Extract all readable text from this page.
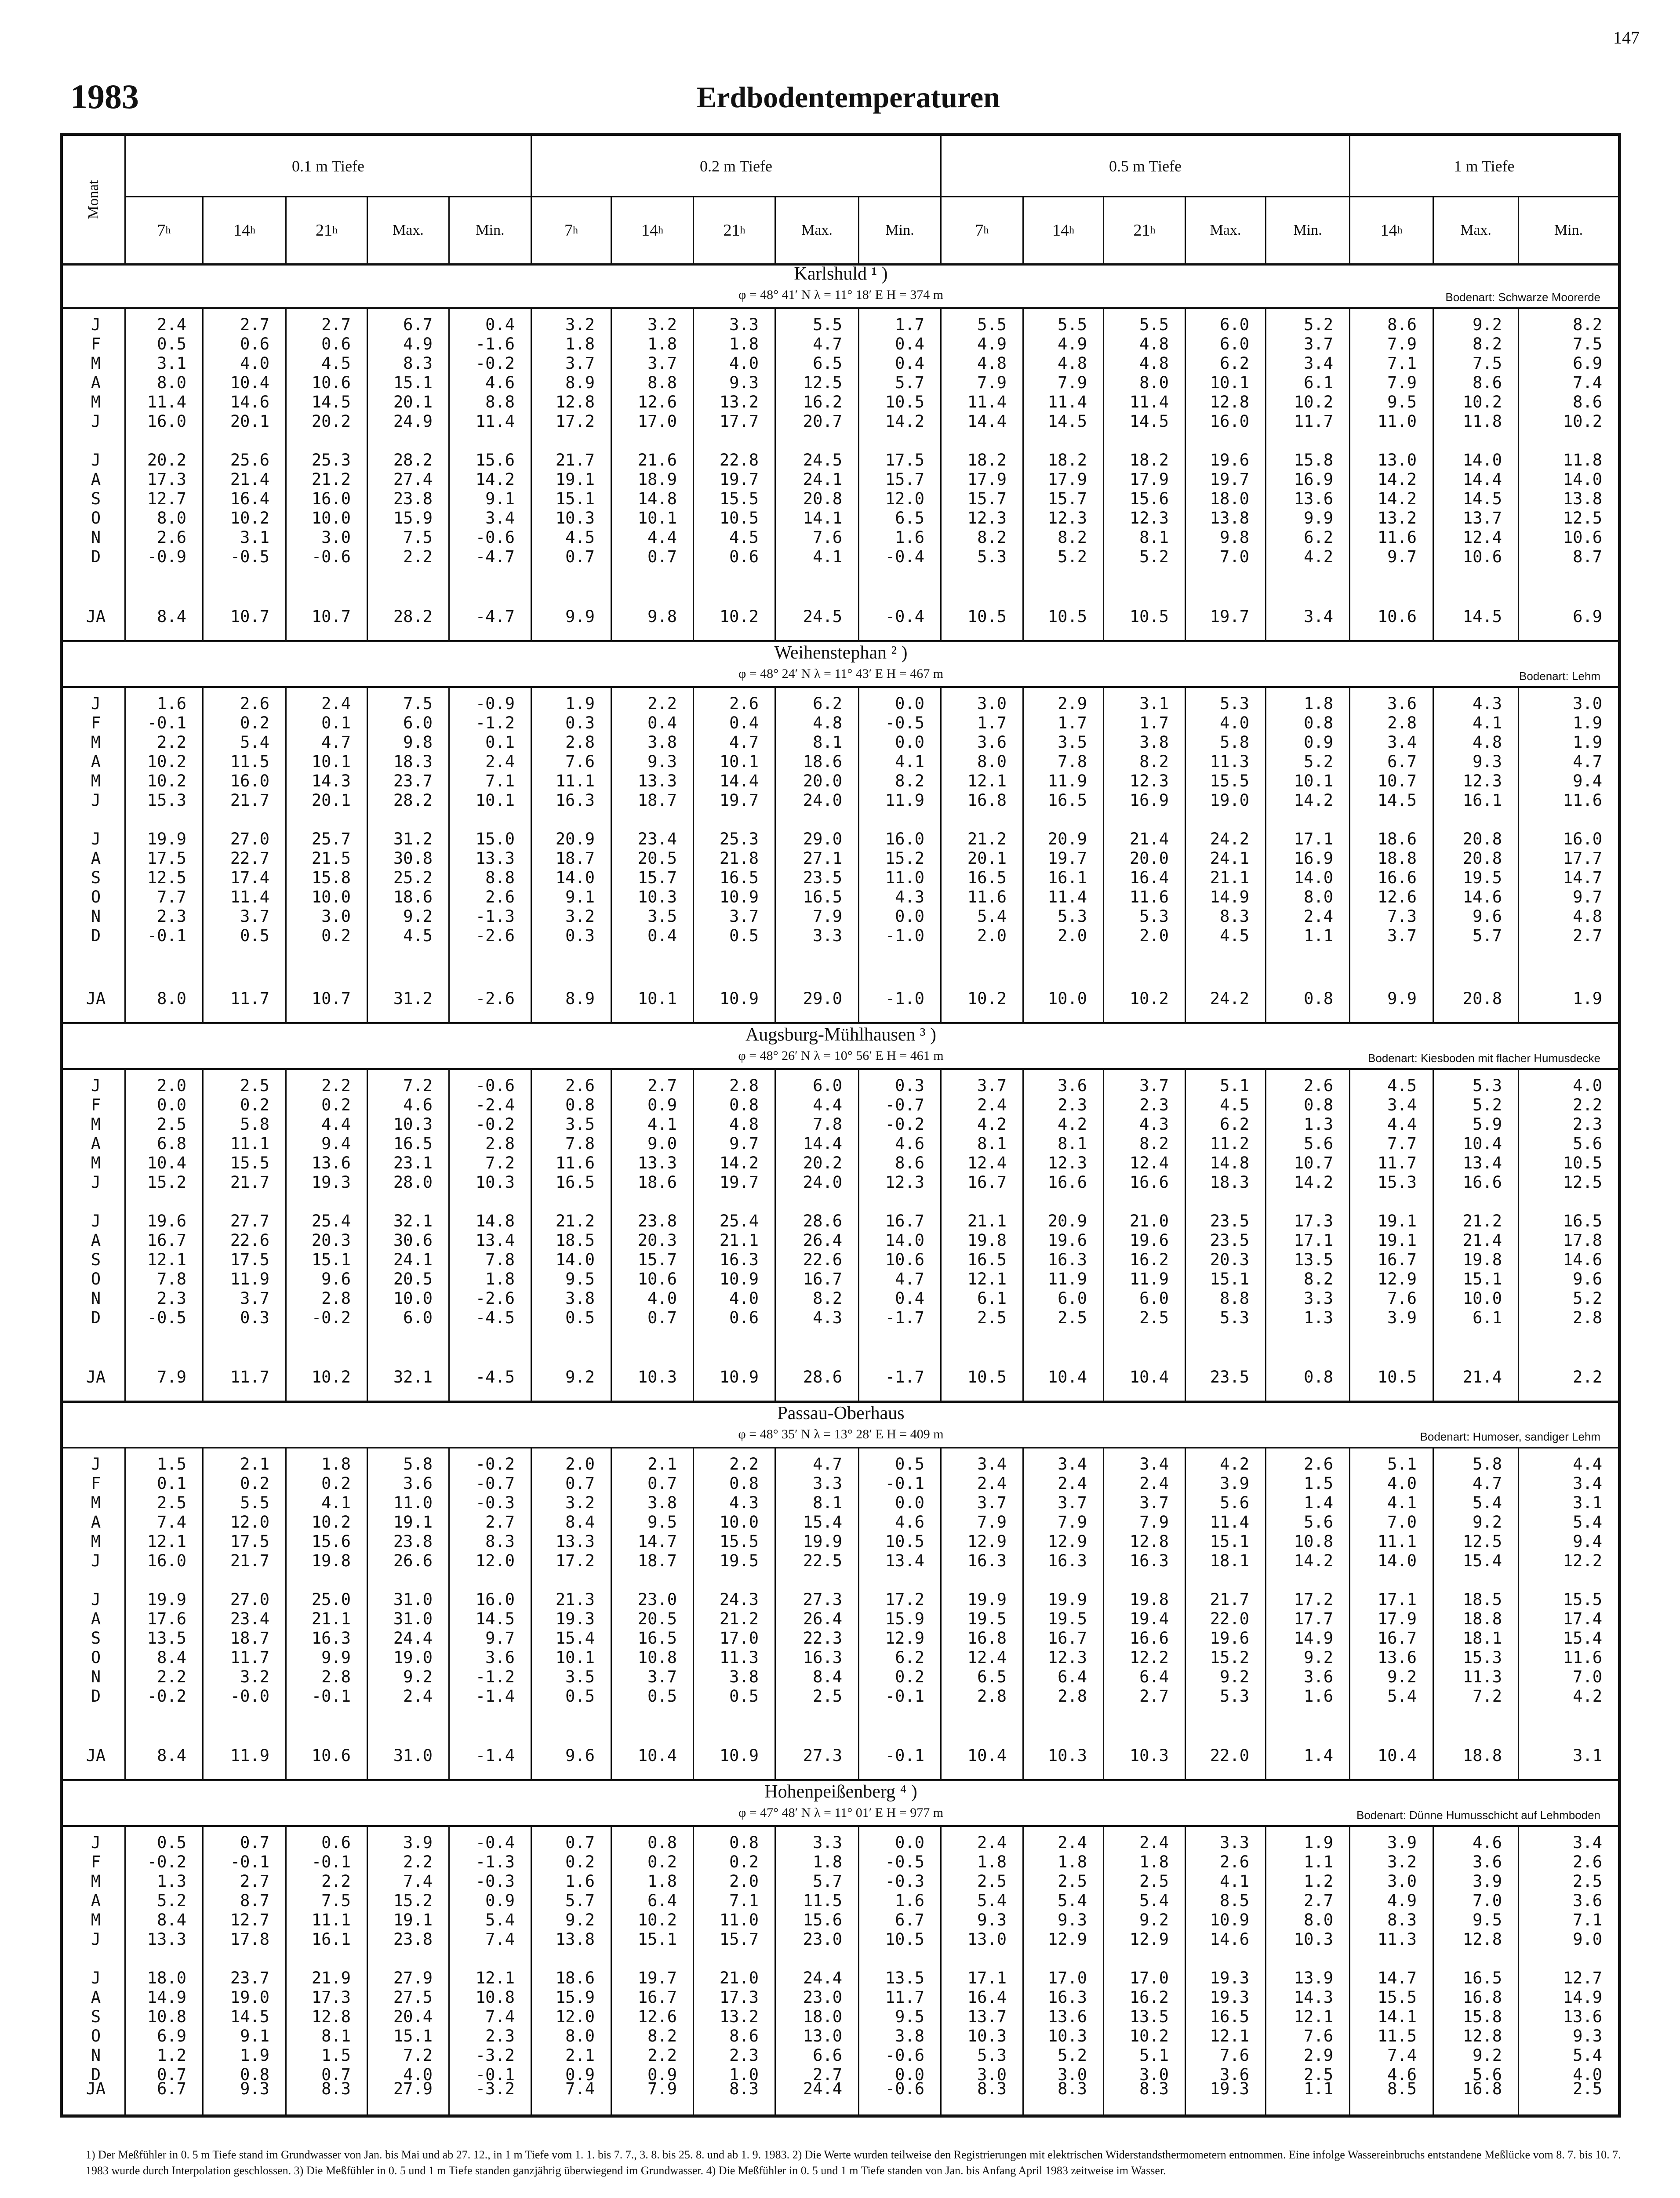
147
1983	Erdbodentemperaturen
Monat
0.1 m Tiefe	0.2 m Tiefe	0.5 m Tiefe	1 m Tiefe
7 h	14 h	21 h	Max.	Min.	7 h	14 h	21 h	Max.	Min.	7 h	14 h	21 h	Max.	Min.	14 h	Max.	Min.
Karlshuld ¹ )
φ = 48° 41′ N λ = 11° 18′ E H = 374 m	Bodenart: Schwarze Moorerde
J	2.4	2.7	2.7	6.7	0.4	3.2	3.2	3.3	5.5	1.7	5.5	5.5	5.5	6.0	5.2	8.6	9.2	8.2
F	0.5	0.6	0.6	4.9	-1.6	1.8	1.8	1.8	4.7	0.4	4.9	4.9	4.8	6.0	3.7	7.9	8.2	7.5
M	3.1	4.0	4.5	8.3	-0.2	3.7	3.7	4.0	6.5	0.4	4.8	4.8	4.8	6.2	3.4	7.1	7.5	6.9
A	8.0	10.4	10.6	15.1	4.6	8.9	8.8	9.3	12.5	5.7	7.9	7.9	8.0	10.1	6.1	7.9	8.6	7.4
M	11.4	14.6	14.5	20.1	8.8	12.8	12.6	13.2	16.2	10.5	11.4	11.4	11.4	12.8	10.2	9.5	10.2	8.6
J	16.0	20.1	20.2	24.9	11.4	17.2	17.0	17.7	20.7	14.2	14.4	14.5	14.5	16.0	11.7	11.0	11.8	10.2
J	20.2	25.6	25.3	28.2	15.6	21.7	21.6	22.8	24.5	17.5	18.2	18.2	18.2	19.6	15.8	13.0	14.0	11.8
A	17.3	21.4	21.2	27.4	14.2	19.1	18.9	19.7	24.1	15.7	17.9	17.9	17.9	19.7	16.9	14.2	14.4	14.0
S	12.7	16.4	16.0	23.8	9.1	15.1	14.8	15.5	20.8	12.0	15.7	15.7	15.6	18.0	13.6	14.2	14.5	13.8
O	8.0	10.2	10.0	15.9	3.4	10.3	10.1	10.5	14.1	6.5	12.3	12.3	12.3	13.8	9.9	13.2	13.7	12.5
N	2.6	3.1	3.0	7.5	-0.6	4.5	4.4	4.5	7.6	1.6	8.2	8.2	8.1	9.8	6.2	11.6	12.4	10.6
D	-0.9	-0.5	-0.6	2.2	-4.7	0.7	0.7	0.6	4.1	-0.4	5.3	5.2	5.2	7.0	4.2	9.7	10.6	8.7
JA	8.4	10.7	10.7	28.2	-4.7	9.9	9.8	10.2	24.5	-0.4	10.5	10.5	10.5	19.7	3.4	10.6	14.5	6.9
Weihenstephan ² )
φ = 48° 24′ N λ = 11° 43′ E H = 467 m	Bodenart: Lehm
J	1.6	2.6	2.4	7.5	-0.9	1.9	2.2	2.6	6.2	0.0	3.0	2.9	3.1	5.3	1.8	3.6	4.3	3.0
F	-0.1	0.2	0.1	6.0	-1.2	0.3	0.4	0.4	4.8	-0.5	1.7	1.7	1.7	4.0	0.8	2.8	4.1	1.9
M	2.2	5.4	4.7	9.8	0.1	2.8	3.8	4.7	8.1	0.0	3.6	3.5	3.8	5.8	0.9	3.4	4.8	1.9
A	10.2	11.5	10.1	18.3	2.4	7.6	9.3	10.1	18.6	4.1	8.0	7.8	8.2	11.3	5.2	6.7	9.3	4.7
M	10.2	16.0	14.3	23.7	7.1	11.1	13.3	14.4	20.0	8.2	12.1	11.9	12.3	15.5	10.1	10.7	12.3	9.4
J	15.3	21.7	20.1	28.2	10.1	16.3	18.7	19.7	24.0	11.9	16.8	16.5	16.9	19.0	14.2	14.5	16.1	11.6
J	19.9	27.0	25.7	31.2	15.0	20.9	23.4	25.3	29.0	16.0	21.2	20.9	21.4	24.2	17.1	18.6	20.8	16.0
A	17.5	22.7	21.5	30.8	13.3	18.7	20.5	21.8	27.1	15.2	20.1	19.7	20.0	24.1	16.9	18.8	20.8	17.7
S	12.5	17.4	15.8	25.2	8.8	14.0	15.7	16.5	23.5	11.0	16.5	16.1	16.4	21.1	14.0	16.6	19.5	14.7
O	7.7	11.4	10.0	18.6	2.6	9.1	10.3	10.9	16.5	4.3	11.6	11.4	11.6	14.9	8.0	12.6	14.6	9.7
N	2.3	3.7	3.0	9.2	-1.3	3.2	3.5	3.7	7.9	0.0	5.4	5.3	5.3	8.3	2.4	7.3	9.6	4.8
D	-0.1	0.5	0.2	4.5	-2.6	0.3	0.4	0.5	3.3	-1.0	2.0	2.0	2.0	4.5	1.1	3.7	5.7	2.7
JA	8.0	11.7	10.7	31.2	-2.6	8.9	10.1	10.9	29.0	-1.0	10.2	10.0	10.2	24.2	0.8	9.9	20.8	1.9
Augsburg-Mühlhausen ³ )
φ = 48° 26′ N λ = 10° 56′ E H = 461 m	Bodenart: Kiesboden mit flacher Humusdecke
J	2.0	2.5	2.2	7.2	-0.6	2.6	2.7	2.8	6.0	0.3	3.7	3.6	3.7	5.1	2.6	4.5	5.3	4.0
F	0.0	0.2	0.2	4.6	-2.4	0.8	0.9	0.8	4.4	-0.7	2.4	2.3	2.3	4.5	0.8	3.4	5.2	2.2
M	2.5	5.8	4.4	10.3	-0.2	3.5	4.1	4.8	7.8	-0.2	4.2	4.2	4.3	6.2	1.3	4.4	5.9	2.3
A	6.8	11.1	9.4	16.5	2.8	7.8	9.0	9.7	14.4	4.6	8.1	8.1	8.2	11.2	5.6	7.7	10.4	5.6
M	10.4	15.5	13.6	23.1	7.2	11.6	13.3	14.2	20.2	8.6	12.4	12.3	12.4	14.8	10.7	11.7	13.4	10.5
J	15.2	21.7	19.3	28.0	10.3	16.5	18.6	19.7	24.0	12.3	16.7	16.6	16.6	18.3	14.2	15.3	16.6	12.5
J	19.6	27.7	25.4	32.1	14.8	21.2	23.8	25.4	28.6	16.7	21.1	20.9	21.0	23.5	17.3	19.1	21.2	16.5
A	16.7	22.6	20.3	30.6	13.4	18.5	20.3	21.1	26.4	14.0	19.8	19.6	19.6	23.5	17.1	19.1	21.4	17.8
S	12.1	17.5	15.1	24.1	7.8	14.0	15.7	16.3	22.6	10.6	16.5	16.3	16.2	20.3	13.5	16.7	19.8	14.6
O	7.8	11.9	9.6	20.5	1.8	9.5	10.6	10.9	16.7	4.7	12.1	11.9	11.9	15.1	8.2	12.9	15.1	9.6
N	2.3	3.7	2.8	10.0	-2.6	3.8	4.0	4.0	8.2	0.4	6.1	6.0	6.0	8.8	3.3	7.6	10.0	5.2
D	-0.5	0.3	-0.2	6.0	-4.5	0.5	0.7	0.6	4.3	-1.7	2.5	2.5	2.5	5.3	1.3	3.9	6.1	2.8
JA	7.9	11.7	10.2	32.1	-4.5	9.2	10.3	10.9	28.6	-1.7	10.5	10.4	10.4	23.5	0.8	10.5	21.4	2.2
Passau-Oberhaus
φ = 48° 35′ N λ = 13° 28′ E H = 409 m	Bodenart: Humoser, sandiger Lehm
J	1.5	2.1	1.8	5.8	-0.2	2.0	2.1	2.2	4.7	0.5	3.4	3.4	3.4	4.2	2.6	5.1	5.8	4.4
F	0.1	0.2	0.2	3.6	-0.7	0.7	0.7	0.8	3.3	-0.1	2.4	2.4	2.4	3.9	1.5	4.0	4.7	3.4
M	2.5	5.5	4.1	11.0	-0.3	3.2	3.8	4.3	8.1	0.0	3.7	3.7	3.7	5.6	1.4	4.1	5.4	3.1
A	7.4	12.0	10.2	19.1	2.7	8.4	9.5	10.0	15.4	4.6	7.9	7.9	7.9	11.4	5.6	7.0	9.2	5.4
M	12.1	17.5	15.6	23.8	8.3	13.3	14.7	15.5	19.9	10.5	12.9	12.9	12.8	15.1	10.8	11.1	12.5	9.4
J	16.0	21.7	19.8	26.6	12.0	17.2	18.7	19.5	22.5	13.4	16.3	16.3	16.3	18.1	14.2	14.0	15.4	12.2
J	19.9	27.0	25.0	31.0	16.0	21.3	23.0	24.3	27.3	17.2	19.9	19.9	19.8	21.7	17.2	17.1	18.5	15.5
A	17.6	23.4	21.1	31.0	14.5	19.3	20.5	21.2	26.4	15.9	19.5	19.5	19.4	22.0	17.7	17.9	18.8	17.4
S	13.5	18.7	16.3	24.4	9.7	15.4	16.5	17.0	22.3	12.9	16.8	16.7	16.6	19.6	14.9	16.7	18.1	15.4
O	8.4	11.7	9.9	19.0	3.6	10.1	10.8	11.3	16.3	6.2	12.4	12.3	12.2	15.2	9.2	13.6	15.3	11.6
N	2.2	3.2	2.8	9.2	-1.2	3.5	3.7	3.8	8.4	0.2	6.5	6.4	6.4	9.2	3.6	9.2	11.3	7.0
D	-0.2	-0.0	-0.1	2.4	-1.4	0.5	0.5	0.5	2.5	-0.1	2.8	2.8	2.7	5.3	1.6	5.4	7.2	4.2
JA	8.4	11.9	10.6	31.0	-1.4	9.6	10.4	10.9	27.3	-0.1	10.4	10.3	10.3	22.0	1.4	10.4	18.8	3.1
Hohenpeißenberg ⁴ )
φ = 47° 48′ N λ = 11° 01′ E H = 977 m	Bodenart: Dünne Humusschicht auf Lehmboden
J	0.5	0.7	0.6	3.9	-0.4	0.7	0.8	0.8	3.3	0.0	2.4	2.4	2.4	3.3	1.9	3.9	4.6	3.4
F	-0.2	-0.1	-0.1	2.2	-1.3	0.2	0.2	0.2	1.8	-0.5	1.8	1.8	1.8	2.6	1.1	3.2	3.6	2.6
M	1.3	2.7	2.2	7.4	-0.3	1.6	1.8	2.0	5.7	-0.3	2.5	2.5	2.5	4.1	1.2	3.0	3.9	2.5
A	5.2	8.7	7.5	15.2	0.9	5.7	6.4	7.1	11.5	1.6	5.4	5.4	5.4	8.5	2.7	4.9	7.0	3.6
M	8.4	12.7	11.1	19.1	5.4	9.2	10.2	11.0	15.6	6.7	9.3	9.3	9.2	10.9	8.0	8.3	9.5	7.1
J	13.3	17.8	16.1	23.8	7.4	13.8	15.1	15.7	23.0	10.5	13.0	12.9	12.9	14.6	10.3	11.3	12.8	9.0
J	18.0	23.7	21.9	27.9	12.1	18.6	19.7	21.0	24.4	13.5	17.1	17.0	17.0	19.3	13.9	14.7	16.5	12.7
A	14.9	19.0	17.3	27.5	10.8	15.9	16.7	17.3	23.0	11.7	16.4	16.3	16.2	19.3	14.3	15.5	16.8	14.9
S	10.8	14.5	12.8	20.4	7.4	12.0	12.6	13.2	18.0	9.5	13.7	13.6	13.5	16.5	12.1	14.1	15.8	13.6
O	6.9	9.1	8.1	15.1	2.3	8.0	8.2	8.6	13.0	3.8	10.3	10.3	10.2	12.1	7.6	11.5	12.8	9.3
N	1.2	1.9	1.5	7.2	-3.2	2.1	2.2	2.3	6.6	-0.6	5.3	5.2	5.1	7.6	2.9	7.4	9.2	5.4
D	0.7	0.8	0.7	4.0	-0.1	0.9	0.9	1.0	2.7	0.0	3.0	3.0	3.0	3.6	2.5	4.6	5.6	4.0
JA	6.7	9.3	8.3	27.9	-3.2	7.4	7.9	8.3	24.4	-0.6	8.3	8.3	8.3	19.3	1.1	8.5	16.8	2.5
1) Der Meßfühler in 0. 5 m Tiefe stand im Grundwasser von Jan. bis Mai und ab 27. 12., in 1 m Tiefe vom 1. 1. bis 7. 7., 3. 8. bis 25. 8. und ab 1. 9. 1983. 2) Die Werte wurden teilweise den Registrierungen mit elektrischen Widerstandsthermometern entnommen. Eine infolge Wassereinbruchs entstandene Meßlücke vom 8. 7. bis 10. 7. 1983 wurde durch Interpolation geschlossen. 3) Die Meßfühler in 0. 5 und 1 m Tiefe standen ganzjährig überwiegend im Grundwasser. 4) Die Meßfühler in 0. 5 und 1 m Tiefe standen von Jan. bis Anfang April 1983 zeitweise im Wasser.
